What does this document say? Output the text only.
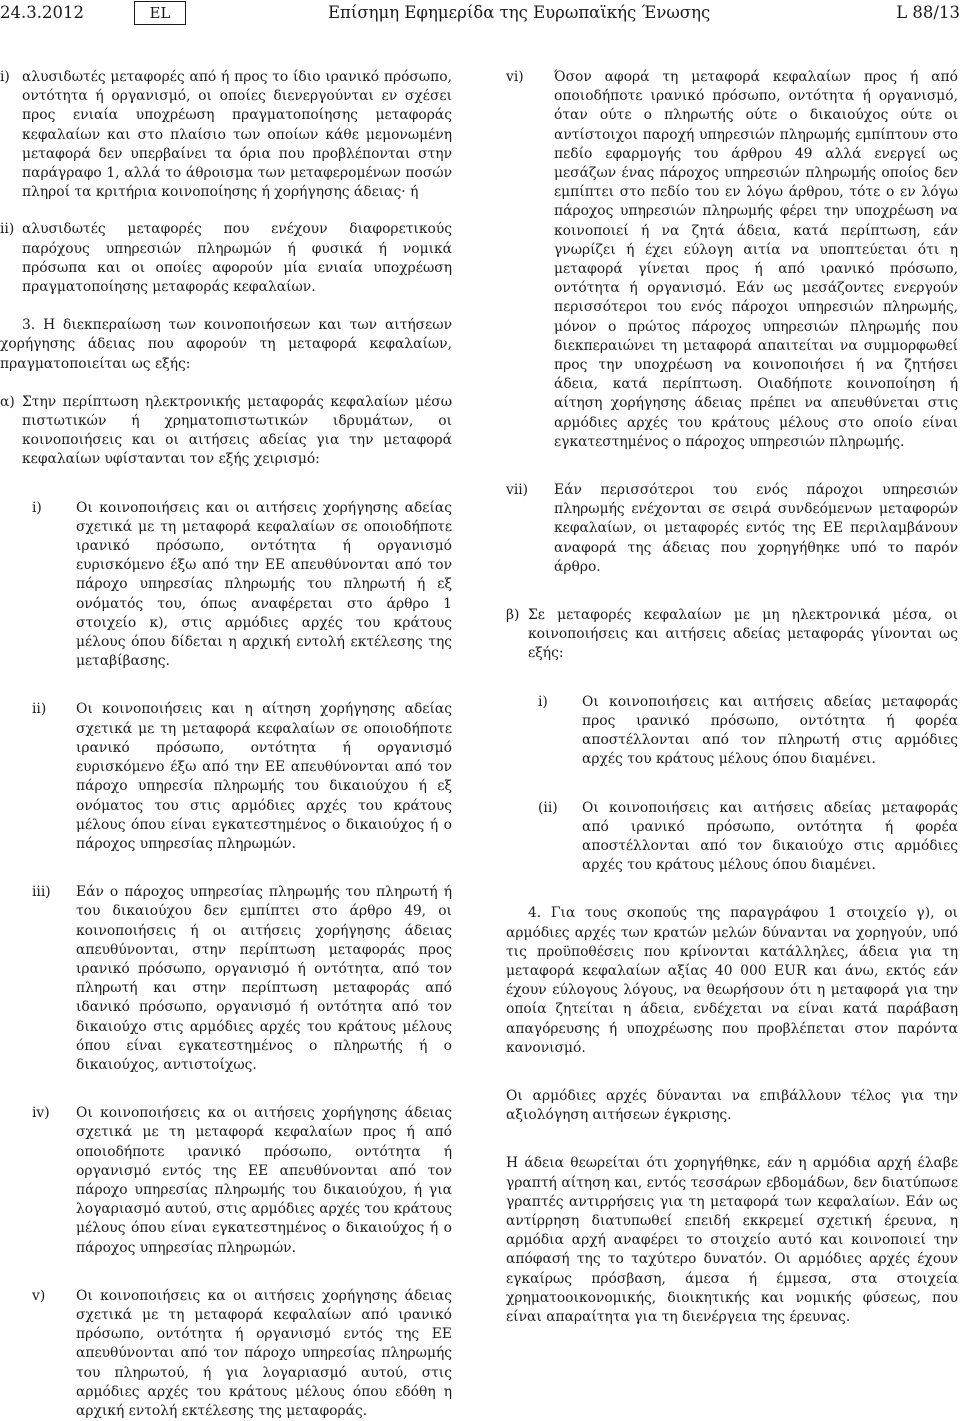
24.3.2012	EL	Επίσημη Εφημερίδα της Ευρωπαϊκής Ένωσης	L 88/13
i) αλυσιδωτές μεταφορές από ή προς το ίδιο ιρανικό πρόσωπο, οντότητα ή οργανισμό, οι οποίες διενεργούνται εν σχέσει προς ενιαία υποχρέωση πραγματοποίησης μεταφοράς κεφαλαίων και στο πλαίσιο των οποίων κάθε μεμονωμένη μεταφορά δεν υπερβαίνει τα όρια που προβλέπονται στην παράγραφο 1, αλλά το άθροισμα των μεταφερομένων ποσών πληροί τα κριτήρια κοινοποίησης ή χορήγησης άδειας· ή
ii) αλυσιδωτές μεταφορές που ενέχουν διαφορετικούς παρόχους υπηρεσιών πληρωμών ή φυσικά ή νομικά πρόσωπα και οι οποίες αφορούν μία ενιαία υποχρέωση πραγματοποίησης μεταφοράς κεφαλαίων.
3. Η διεκπεραίωση των κοινοποιήσεων και των αιτήσεων χορήγησης άδειας που αφορούν τη μεταφορά κεφαλαίων, πραγματοποιείται ως εξής:
α) Στην περίπτωση ηλεκτρονικής μεταφοράς κεφαλαίων μέσω πιστωτικών ή χρηματοπιστωτικών ιδρυμάτων, οι κοινοποιήσεις και οι αιτήσεις αδείας για την μεταφορά κεφαλαίων υφίστανται τον εξής χειρισμό:
i)	Οι κοινοποιήσεις και οι αιτήσεις χορήγησης αδείας σχετικά με τη μεταφορά κεφαλαίων σε οποιοδήποτε ιρανικό πρόσωπο, οντότητα ή οργανισμό ευρισκόμενο έξω από την ΕΕ απευθύνονται από τον πάροχο υπηρεσίας πληρωμής του πληρωτή ή εξ ονόματός του, όπως αναφέρεται στο άρθρο 1 στοιχείο κ), στις αρμόδιες αρχές του κράτους μέλους όπου δίδεται η αρχική εντολή εκτέλεσης της μεταβίβασης.
ii)	Οι κοινοποιήσεις και η αίτηση χορήγησης αδείας σχετικά με τη μεταφορά κεφαλαίων σε οποιοδήποτε ιρανικό πρόσωπο, οντότητα ή οργανισμό ευρισκόμενο έξω από την ΕΕ απευθύνονται από τον πάροχο υπηρεσία πληρωμής του δικαιούχου ή εξ ονόματος του στις αρμόδιες αρχές του κράτους μέλους όπου είναι εγκατεστημένος ο δικαιούχος ή ο πάροχος υπηρεσίας πληρωμών.
iii)	Εάν ο πάροχος υπηρεσίας πληρωμής του πληρωτή ή του δικαιούχου δεν εμπίπτει στο άρθρο 49, οι κοινοποιήσεις ή οι αιτήσεις χορήγησης άδειας απευθύνονται, στην περίπτωση μεταφοράς προς ιρανικό πρόσωπο, οργανισμό ή οντότητα, από τον πληρωτή και στην περίπτωση μεταφοράς από ιδανικό πρόσωπο, οργανισμό ή οντότητα από τον δικαιούχο στις αρμόδιες αρχές του κράτους μέλους όπου είναι εγκατεστημένος ο πληρωτής ή ο δικαιούχος, αντιστοίχως.
iv)	Οι κοινοποιήσεις κα οι αιτήσεις χορήγησης άδειας σχετικά με τη μεταφορά κεφαλαίων προς ή από οποιοδήποτε ιρανικό πρόσωπο, οντότητα ή οργανισμό εντός της ΕΕ απευθύνονται από τον πάροχο υπηρεσίας πληρωμής του δικαιούχου, ή για λογαριασμό αυτού, στις αρμόδιες αρχές του κράτους μέλους όπου είναι εγκατεστημένος ο δικαιούχος ή ο πάροχος υπηρεσίας πληρωμών.
v)	Οι κοινοποιήσεις κα οι αιτήσεις χορήγησης άδειας σχετικά με τη μεταφορά κεφαλαίων από ιρανικό πρόσωπο, οντότητα ή οργανισμό εντός της ΕΕ απευθύνονται από τον πάροχο υπηρεσίας πληρωμής του πληρωτού, ή για λογαριασμό αυτού, στις αρμόδιες αρχές του κράτους μέλους όπου εδόθη η αρχική εντολή εκτέλεσης της μεταφοράς.
vi)	Όσον αφορά τη μεταφορά κεφαλαίων προς ή από οποιοδήποτε ιρανικό πρόσωπο, οντότητα ή οργανισμό, όταν ούτε ο πληρωτής ούτε ο δικαιούχος ούτε οι αντίστοιχοι παροχή υπηρεσιών πληρωμής εμπίπτουν στο πεδίο εφαρμογής του άρθρου 49 αλλά ενεργεί ως μεσάζων ένας πάροχος υπηρεσιών πληρωμής οποίος δεν εμπίπτει στο πεδίο του εν λόγω άρθρου, τότε ο εν λόγω πάροχος υπηρεσιών πληρωμής φέρει την υποχρέωση να κοινοποιεί ή να ζητά άδεια, κατά περίπτωση, εάν γνωρίζει ή έχει εύλογη αιτία να υποπτεύεται ότι η μεταφορά γίνεται προς ή από ιρανικό πρόσωπο, οντότητα ή οργανισμό. Εάν ως μεσάζοντες ενεργούν περισσότεροι του ενός πάροχοι υπηρεσιών πληρωμής, μόνον ο πρώτος πάροχος υπηρεσιών πληρωμής που διεκπεραιώνει τη μεταφορά απαιτείται να συμμορφωθεί προς την υποχρέωση να κοινοποιήσει ή να ζητήσει άδεια, κατά περίπτωση. Οιαδήποτε κοινοποίηση ή αίτηση χορήγησης άδειας πρέπει να απευθύνεται στις αρμόδιες αρχές του κράτους μέλους στο οποίο είναι εγκατεστημένος ο πάροχος υπηρεσιών πληρωμής.
vii)	Εάν περισσότεροι του ενός πάροχοι υπηρεσιών πληρωμής ενέχονται σε σειρά συνδεόμενων μεταφορών κεφαλαίων, οι μεταφορές εντός της ΕΕ περιλαμβάνουν αναφορά της άδειας που χορηγήθηκε υπό το παρόν άρθρο.
β) Σε μεταφορές κεφαλαίων με μη ηλεκτρονικά μέσα, οι κοινοποιήσεις και αιτήσεις αδείας μεταφοράς γίνονται ως εξής:
i)	Οι κοινοποιήσεις και αιτήσεις αδείας μεταφοράς προς ιρανικό πρόσωπο, οντότητα ή φορέα αποστέλλονται από τον πληρωτή στις αρμόδιες αρχές του κράτους μέλους όπου διαμένει.
(ii)	Οι κοινοποιήσεις και αιτήσεις αδείας μεταφοράς από ιρανικό πρόσωπο, οντότητα ή φορέα αποστέλλονται από τον δικαιούχο στις αρμόδιες αρχές του κράτους μέλους όπου διαμένει.
4. Για τους σκοπούς της παραγράφου 1 στοιχείο γ), οι αρμόδιες αρχές των κρατών μελών δύνανται να χορηγούν, υπό τις προϋποθέσεις που κρίνονται κατάλληλες, άδεια για τη μεταφορά κεφαλαίων αξίας 40 000 EUR και άνω, εκτός εάν έχουν εύλογους λόγους, να θεωρήσουν ότι η μεταφορά για την οποία ζητείται η άδεια, ενδέχεται να είναι κατά παράβαση απαγόρευσης ή υποχρέωσης που προβλέπεται στον παρόντα κανονισμό.
Οι αρμόδιες αρχές δύνανται να επιβάλλουν τέλος για την αξιολόγηση αιτήσεων έγκρισης.
Η άδεια θεωρείται ότι χορηγήθηκε, εάν η αρμόδια αρχή έλαβε γραπτή αίτηση και, εντός τεσσάρων εβδομάδων, δεν διατύπωσε γραπτές αντιρρήσεις για τη μεταφορά των κεφαλαίων. Εάν ως αντίρρηση διατυπωθεί επειδή εκκρεμεί σχετική έρευνα, η αρμόδια αρχή αναφέρει το στοιχείο αυτό και κοινοποιεί την απόφασή της το ταχύτερο δυνατόν. Οι αρμόδιες αρχές έχουν εγκαίρως πρόσβαση, άμεσα ή έμμεσα, στα στοιχεία χρηματοοικονομικής, διοικητικής και νομικής φύσεως, που είναι απαραίτητα για τη διενέργεια της έρευνας.
